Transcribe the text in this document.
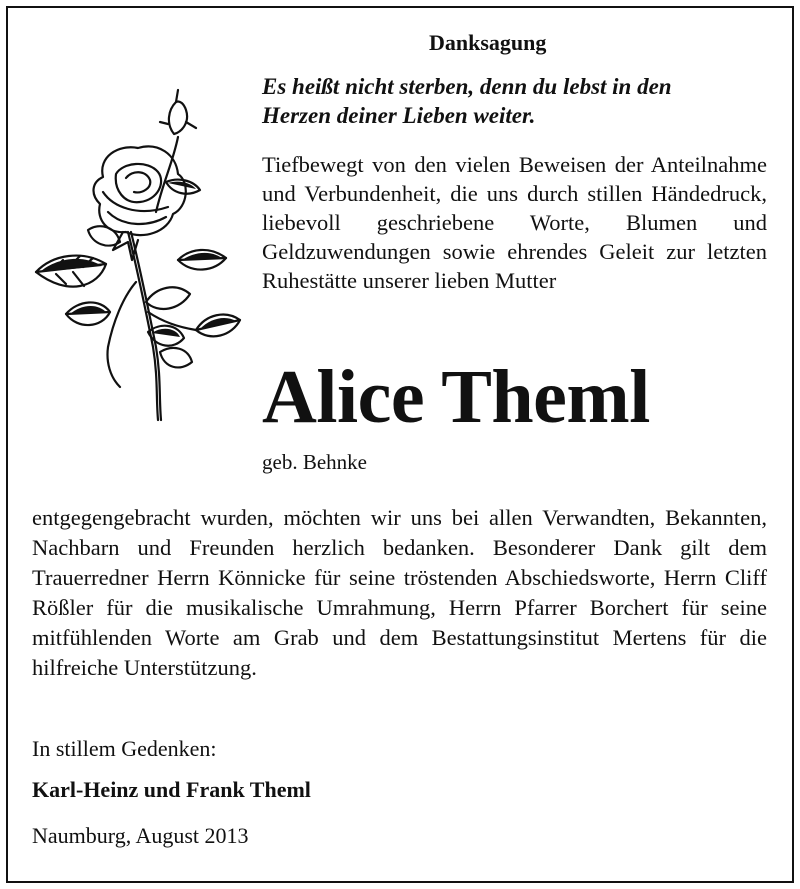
Danksagung
Es heißt nicht sterben, denn du lebst in den
Herzen deiner Lieben weiter.

Tiefbewegt von den vielen Beweisen der Anteilnahme und Verbundenheit, die uns durch stillen Händedruck, liebevoll geschriebene Worte, Blumen und Geldzuwendungen sowie ehrendes Geleit zur letzten Ruhestätte unserer lieben Mutter

Alice Theml
geb. Behnke
entgegengebracht wurden, möchten wir uns bei allen Verwandten, Bekannten, Nachbarn und Freunden herzlich bedanken. Besonderer Dank gilt dem Trauerredner Herrn Könnicke für seine tröstenden Abschiedsworte, Herrn Cliff Rößler für die musikalische Umrahmung, Herrn Pfarrer Borchert für seine mitfühlenden Worte am Grab und dem Bestattungsinstitut Mertens für die hilfreiche Unterstützung.
In stillem Gedenken:
Karl-Heinz und Frank Theml
Naumburg, August 2013
